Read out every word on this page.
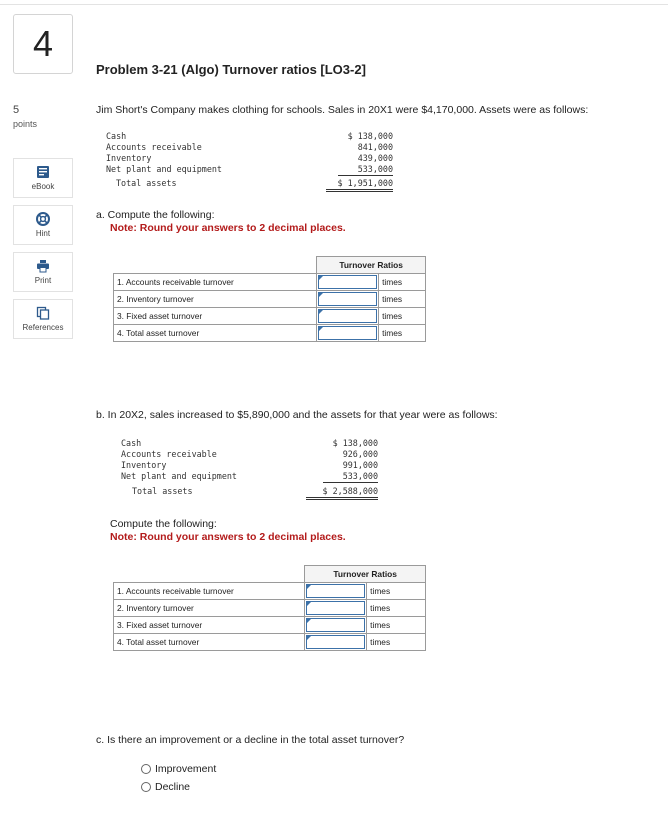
4
5
points
eBook
Hint
Print
References
Problem 3-21 (Algo) Turnover ratios [LO3-2]
Jim Short's Company makes clothing for schools. Sales in 20X1 were $4,170,000. Assets were as follows:
Cash	$ 138,000
Accounts receivable	841,000
Inventory	439,000
Net plant and equipment	533,000
Total assets	$ 1,951,000
a. Compute the following:
Note: Round your answers to 2 decimal places.
	Turnover Ratios	
1. Accounts receivable turnover		times
2. Inventory turnover		times
3. Fixed asset turnover		times
4. Total asset turnover		times
b. In 20X2, sales increased to $5,890,000 and the assets for that year were as follows:
Cash	$ 138,000
Accounts receivable	926,000
Inventory	991,000
Net plant and equipment	533,000
Total assets	$ 2,588,000
Compute the following:
Note: Round your answers to 2 decimal places.
	Turnover Ratios	
1. Accounts receivable turnover		times
2. Inventory turnover		times
3. Fixed asset turnover		times
4. Total asset turnover		times
c. Is there an improvement or a decline in the total asset turnover?
Improvement
Decline
